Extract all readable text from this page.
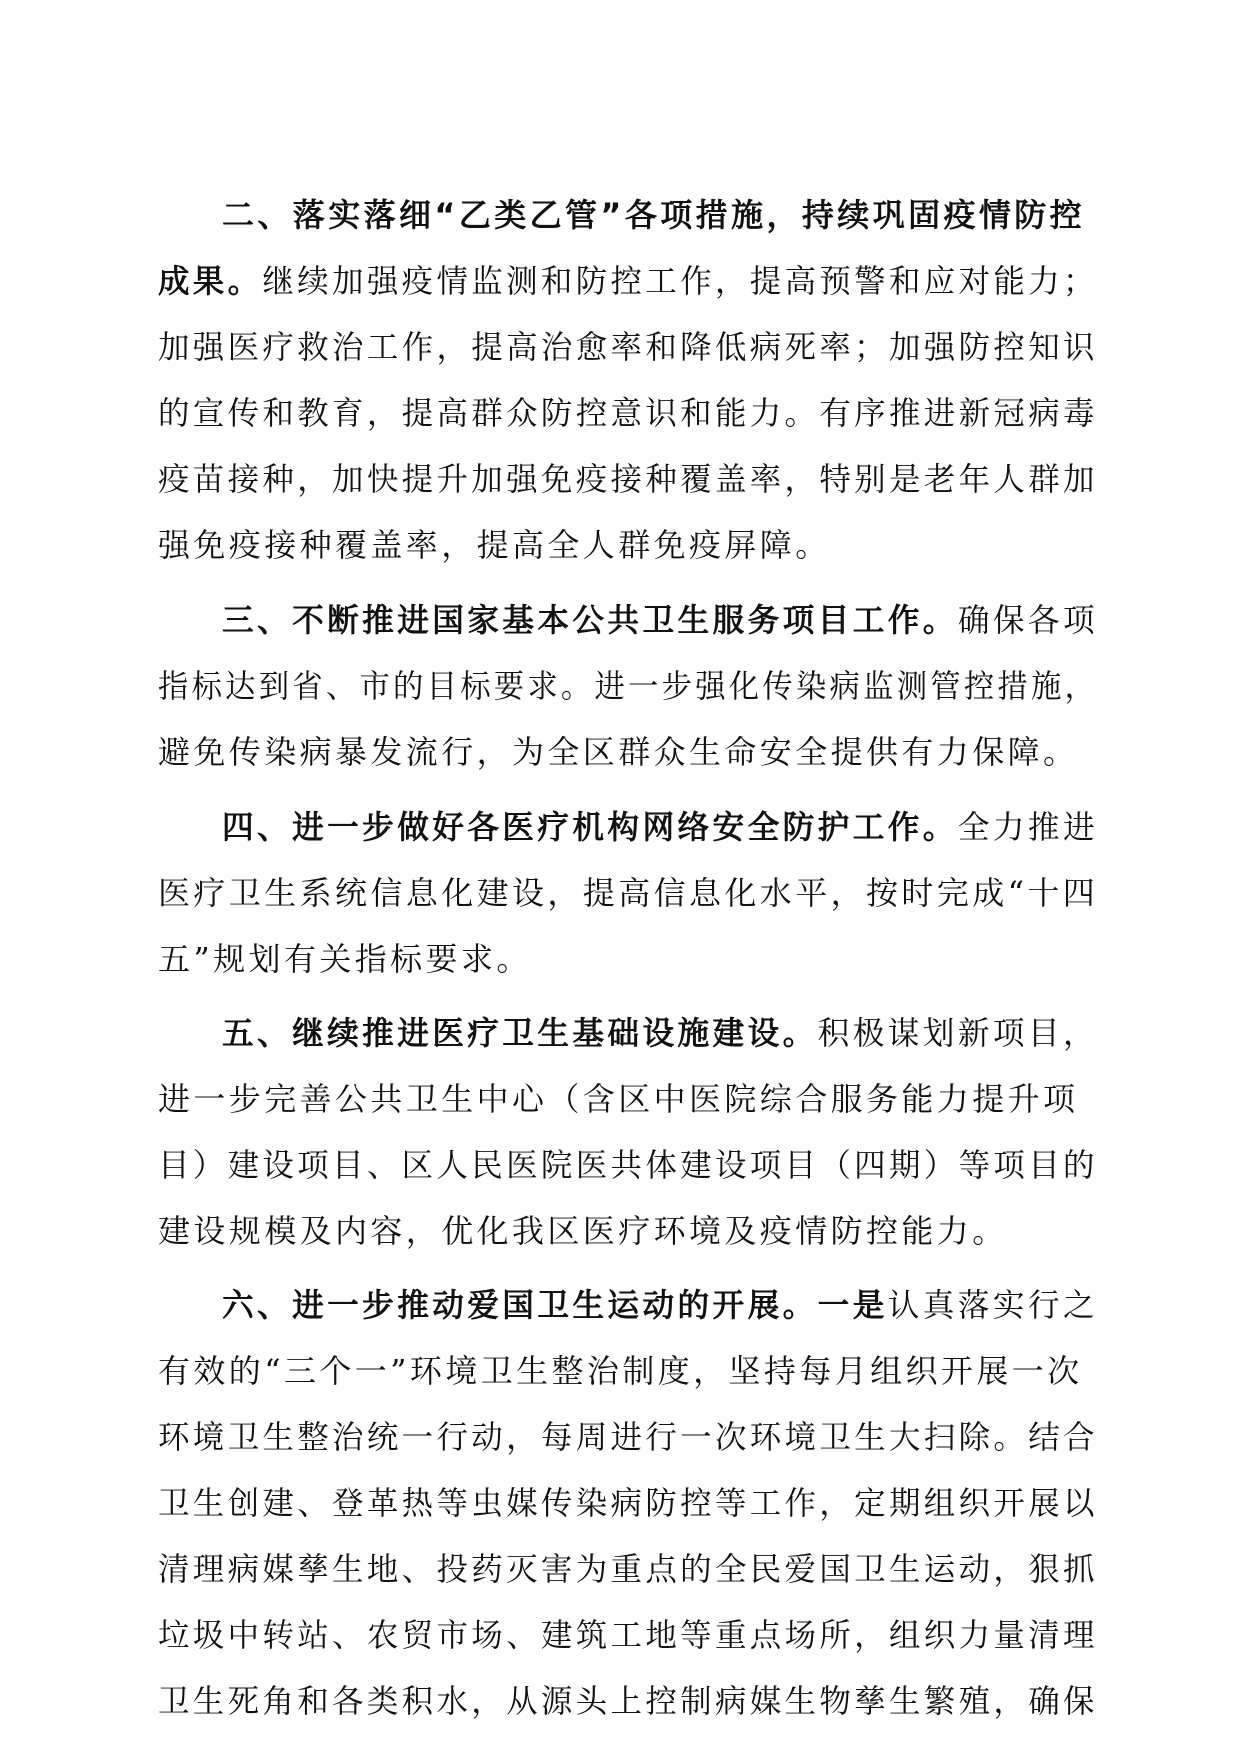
二、落实落细“乙类乙管”各项措施，持续巩固疫情防控
成果。继续加强疫情监测和防控工作，提高预警和应对能力；
加强医疗救治工作，提高治愈率和降低病死率；加强防控知识
的宣传和教育，提高群众防控意识和能力。有序推进新冠病毒
疫苗接种，加快提升加强免疫接种覆盖率，特别是老年人群加
强免疫接种覆盖率，提高全人群免疫屏障。
三、不断推进国家基本公共卫生服务项目工作。确保各项
指标达到省、市的目标要求。进一步强化传染病监测管控措施，
避免传染病暴发流行，为全区群众生命安全提供有力保障。
四、进一步做好各医疗机构网络安全防护工作。全力推进
医疗卫生系统信息化建设，提高信息化水平，按时完成“十四
五”规划有关指标要求。
五、继续推进医疗卫生基础设施建设。积极谋划新项目，
进一步完善公共卫生中心（含区中医院综合服务能力提升项
目）建设项目、区人民医院医共体建设项目（四期）等项目的
建设规模及内容，优化我区医疗环境及疫情防控能力。
六、进一步推动爱国卫生运动的开展。一是认真落实行之
有效的“三个一”环境卫生整治制度，坚持每月组织开展一次
环境卫生整治统一行动，每周进行一次环境卫生大扫除。结合
卫生创建、登革热等虫媒传染病防控等工作，定期组织开展以
清理病媒孳生地、投药灭害为重点的全民爱国卫生运动，狠抓
垃圾中转站、农贸市场、建筑工地等重点场所，组织力量清理
卫生死角和各类积水，从源头上控制病媒生物孳生繁殖，确保
